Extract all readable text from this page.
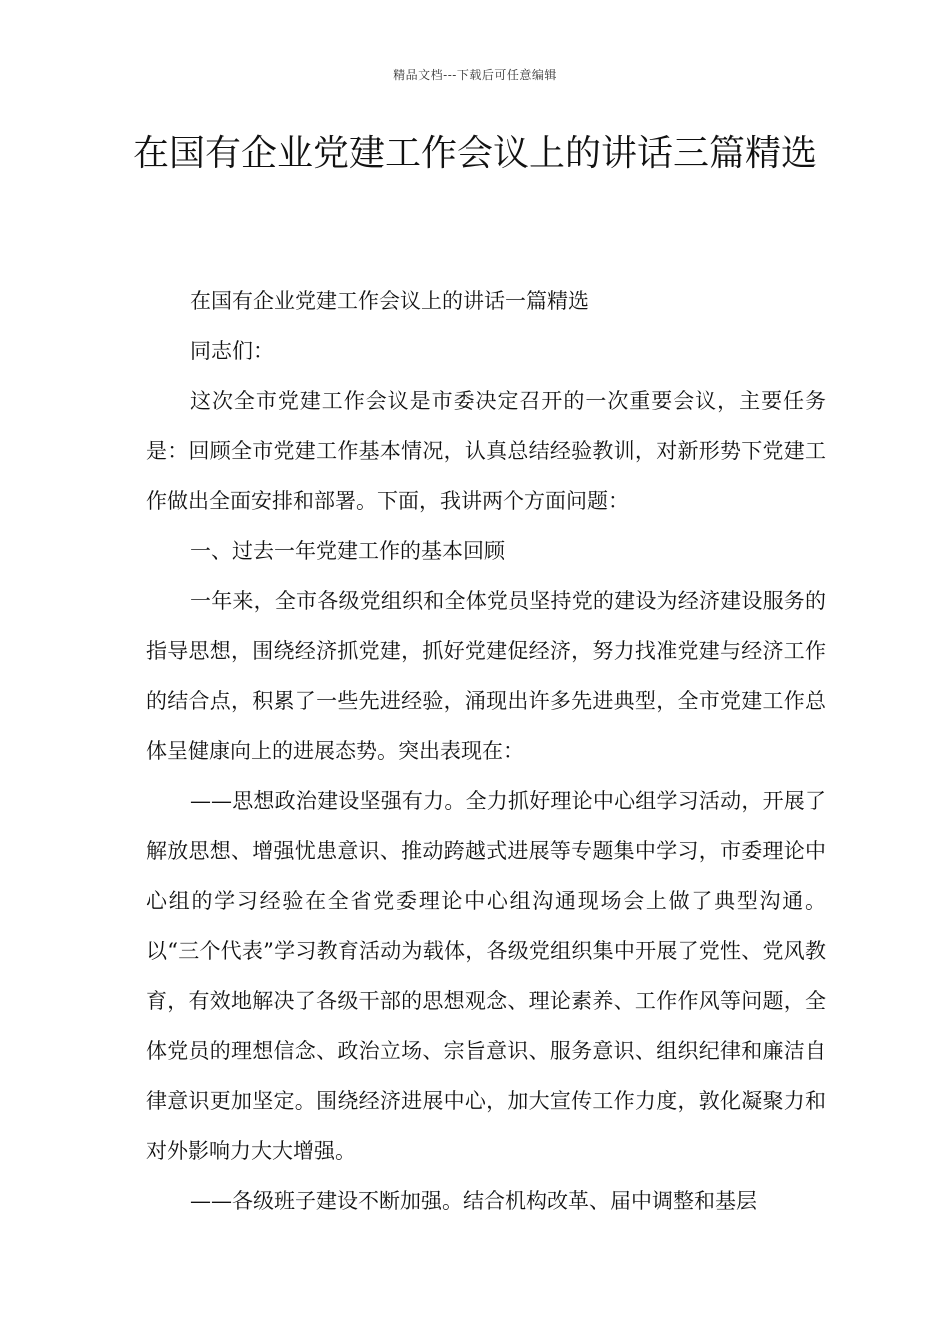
精品文档---下载后可任意编辑
在国有企业党建工作会议上的讲话三篇精选

在国有企业党建工作会议上的讲话一篇精选

同志们：

这次全市党建工作会议是市委决定召开的一次重要会议，主要任务是：回顾全市党建工作基本情况，认真总结经验教训，对新形势下党建工作做出全面安排和部署。下面，我讲两个方面问题：

一、过去一年党建工作的基本回顾

一年来，全市各级党组织和全体党员坚持党的建设为经济建设服务的指导思想，围绕经济抓党建，抓好党建促经济，努力找准党建与经济工作的结合点，积累了一些先进经验，涌现出许多先进典型，全市党建工作总体呈健康向上的进展态势。突出表现在：

——思想政治建设坚强有力。全力抓好理论中心组学习活动，开展了解放思想、增强忧患意识、推动跨越式进展等专题集中学习，市委理论中心组的学习经验在全省党委理论中心组沟通现场会上做了典型沟通。以“三个代表”学习教育活动为载体，各级党组织集中开展了党性、党风教育，有效地解决了各级干部的思想观念、理论素养、工作作风等问题，全体党员的理想信念、政治立场、宗旨意识、服务意识、组织纪律和廉洁自律意识更加坚定。围绕经济进展中心，加大宣传工作力度，敦化凝聚力和对外影响力大大增强。

——各级班子建设不断加强。结合机构改革、届中调整和基层
